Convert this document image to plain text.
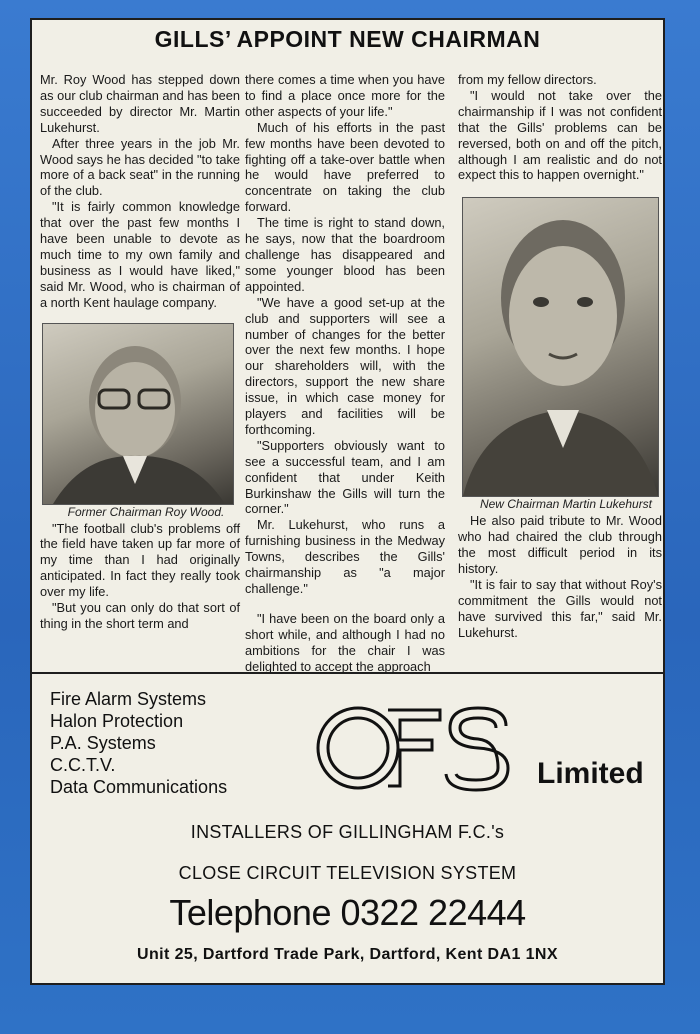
GILLS’ APPOINT NEW CHAIRMAN

Mr. Roy Wood has stepped down as our club chairman and has been succeeded by director Mr. Martin Lukehurst.

After three years in the job Mr. Wood says he has decided "to take more of a back seat" in the running of the club.

"It is fairly common knowledge that over the past few months I have been unable to devote as much time to my own family and business as I would have liked," said Mr. Wood, who is chairman of a north Kent haulage company.

Former Chairman Roy Wood.

"The football club's problems off the field have taken up far more of my time than I had originally anticipated. In fact they really took over my life.

"But you can only do that sort of thing in the short term and

there comes a time when you have to find a place once more for the other aspects of your life."

Much of his efforts in the past few months have been devoted to fighting off a take-over battle when he would have preferred to concentrate on taking the club forward.

The time is right to stand down, he says, now that the boardroom challenge has disappeared and some younger blood has been appointed.

"We have a good set-up at the club and supporters will see a number of changes for the better over the next few months. I hope our shareholders will, with the directors, support the new share issue, in which case money for players and facilities will be forthcoming.

"Supporters obviously want to see a successful team, and I am confident that under Keith Burkinshaw the Gills will turn the corner."

Mr. Lukehurst, who runs a furnishing business in the Medway Towns, describes the Gills' chairmanship as "a major challenge."

"I have been on the board only a short while, and although I had no ambitions for the chair I was delighted to accept the approach

from my fellow directors.

"I would not take over the chairmanship if I was not confident that the Gills' problems can be reversed, both on and off the pitch, although I am realistic and do not expect this to happen overnight."

New Chairman Martin Lukehurst

He also paid tribute to Mr. Wood who had chaired the club through the most difficult period in its history.

"It is fair to say that without Roy's commitment the Gills would not have survived this far," said Mr. Lukehurst.

Fire Alarm Systems
Halon Protection
P.A. Systems
C.C.T.V.
Data Communications	Limited
INSTALLERS OF GILLINGHAM F.C.'s
CLOSE CIRCUIT TELEVISION SYSTEM
Telephone 0322 22444
Unit 25, Dartford Trade Park, Dartford, Kent DA1 1NX
